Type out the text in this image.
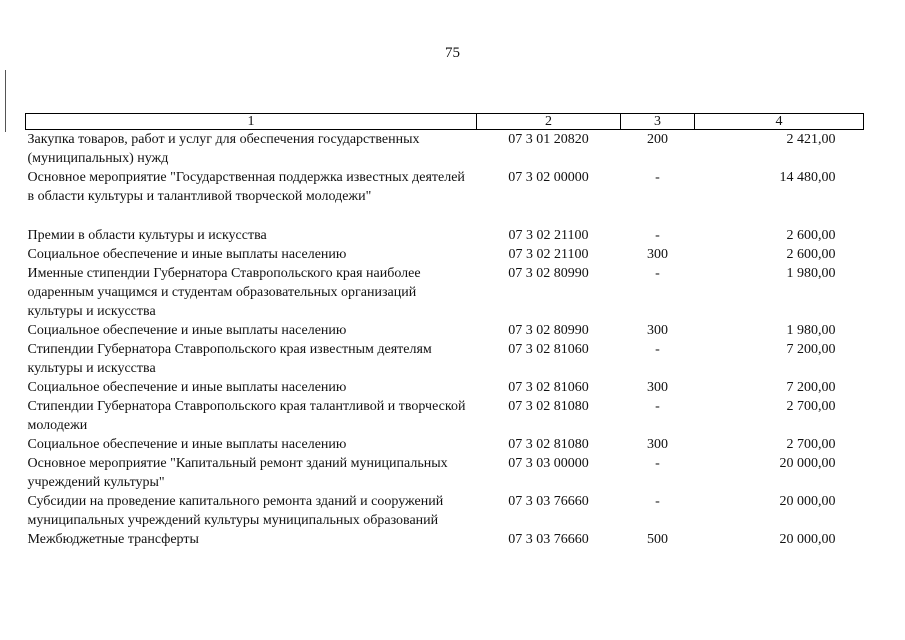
75
1	2	3	4
Закупка товаров, работ и услуг для обеспечения государственных (муниципальных) нужд	07 3 01 20820	200	2 421,00
Основное мероприятие "Государственная поддержка известных деятелей в области культуры и талантливой творческой молодежи"	07 3 02 00000	-	14 480,00

Премии в области культуры и искусства	07 3 02 21100	-	2 600,00
Социальное обеспечение и иные выплаты населению	07 3 02 21100	300	2 600,00
Именные стипендии Губернатора Ставропольского края наиболее одаренным учащимся и студентам образовательных организаций культуры и искусства	07 3 02 80990	-	1 980,00
Социальное обеспечение и иные выплаты населению	07 3 02 80990	300	1 980,00
Стипендии Губернатора Ставропольского края известным деятелям культуры и искусства	07 3 02 81060	-	7 200,00
Социальное обеспечение и иные выплаты населению	07 3 02 81060	300	7 200,00
Стипендии Губернатора Ставропольского края талантливой и творческой молодежи	07 3 02 81080	-	2 700,00
Социальное обеспечение и иные выплаты населению	07 3 02 81080	300	2 700,00
Основное мероприятие "Капитальный ремонт зданий муниципальных учреждений культуры"	07 3 03 00000	-	20 000,00
Субсидии на проведение капитального ремонта зданий и сооружений муниципальных учреждений культуры муниципальных образований	07 3 03 76660	-	20 000,00
Межбюджетные трансферты	07 3 03 76660	500	20 000,00
